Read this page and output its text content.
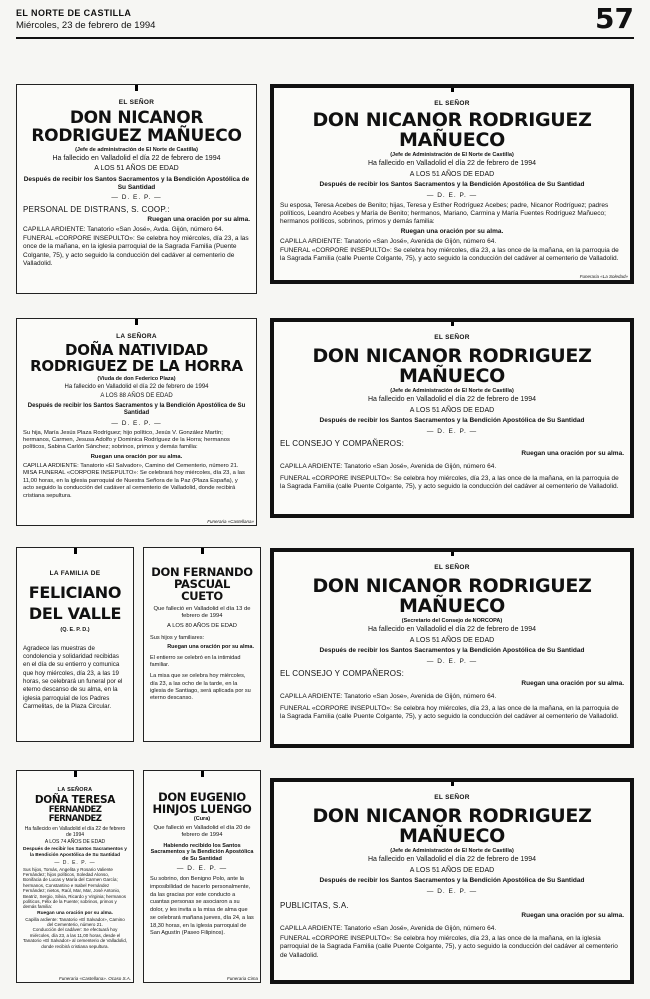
EL NORTE DE CASTILLA
Miércoles, 23 de febrero de 1994	57
EL SEÑOR
DON NICANOR
RODRIGUEZ MAÑUECO
(Jefe de administración de El Norte de Castilla)
Ha fallecido en Valladolid el día 22 de febrero de 1994
A LOS 51 AÑOS DE EDAD
Después de recibir los Santos Sacramentos y la Bendición Apostólica de Su Santidad
— D. E. P. —
PERSONAL DE DISTRANS, S. COOP.:
Ruegan una oración por su alma.
CAPILLA ARDIENTE: Tanatorio «San José», Avda. Gijón, número 64.
FUNERAL «CORPORE INSEPULTO»: Se celebra hoy miércoles, día 23, a las once de la mañana, en la iglesia parroquial de la Sagrada Familia (Puente Colgante, 75), y acto seguido la conducción del cadáver al cementerio de Valladolid.
EL SEÑOR
DON NICANOR RODRIGUEZ MAÑUECO
(Jefe de Administración de El Norte de Castilla)
Ha fallecido en Valladolid el día 22 de febrero de 1994
A LOS 51 AÑOS DE EDAD
Después de recibir los Santos Sacramentos y la Bendición Apostólica de Su Santidad
— D. E. P. —
Su esposa, Teresa Acebes de Benito; hijas, Teresa y Esther Rodríguez Acebes; padre, Nicanor Rodríguez; padres políticos, Leandro Acebes y María de Benito; hermanos, Mariano, Carmina y María Fuentes Rodríguez Mañueco; hermanos políticos, sobrinos, primos y demás familia:
Ruegan una oración por su alma.
CAPILLA ARDIENTE: Tanatorio «San José», Avenida de Gijón, número 64.
FUNERAL «CORPORE INSEPULTO»: Se celebra hoy miércoles, día 23, a las once de la mañana, en la parroquia de la Sagrada Familia (calle Puente Colgante, 75), y acto seguido la conducción del cadáver al cementerio de Valladolid.
Funeraria «La Soledad»
LA SEÑORA
DOÑA NATIVIDAD
RODRIGUEZ DE LA HORRA
(Viuda de don Federico Plaza)
Ha fallecido en Valladolid el día 22 de febrero de 1994
A LOS 88 AÑOS DE EDAD
Después de recibir los Santos Sacramentos y la Bendición Apostólica de Su Santidad
— D. E. P. —
Su hija, María Jesús Plaza Rodríguez; hijo político, Jesús V. González Martín; hermanos, Carmen, Jesusa Adolfo y Dominica Rodríguez de la Horra; hermanos políticos, Sabina Carlón Sánchez; sobrinos, primos y demás familia:
Ruegan una oración por su alma.
CAPILLA ARDIENTE: Tanatorio «El Salvador», Camino del Cementerio, número 21.
MISA FUNERAL «CORPORE INSEPULTO»: Se celebrará hoy miércoles, día 23, a las 11,00 horas, en la iglesia parroquial de Nuestra Señora de la Paz (Plaza España), y acto seguido la conducción del cadáver al cementerio de Valladolid, donde recibirá cristiana sepultura.
Funeraria «Castellana»
EL SEÑOR
DON NICANOR RODRIGUEZ MAÑUECO
(Jefe de Administración de El Norte de Castilla)
Ha fallecido en Valladolid el día 22 de febrero de 1994
A LOS 51 AÑOS DE EDAD
Después de recibir los Santos Sacramentos y la Bendición Apostólica de Su Santidad
— D. E. P. —
EL CONSEJO Y COMPAÑEROS:
Ruegan una oración por su alma.
CAPILLA ARDIENTE: Tanatorio «San José», Avenida de Gijón, número 64.
FUNERAL «CORPORE INSEPULTO»: Se celebra hoy miércoles, día 23, a las once de la mañana, en la parroquia de la Sagrada Familia (calle Puente Colgante, 75), y acto seguido la conducción del cadáver al cementerio de Valladolid.
LA FAMILIA DE
FELICIANO
DEL VALLE
(Q. E. P. D.)
Agradece las muestras de condolencia y solidaridad recibidas en el día de su entierro y comunica que hoy miércoles, día 23, a las 19 horas, se celebrará un funeral por el eterno descanso de su alma, en la iglesia parroquial de los Padres Carmelitas, de la Plaza Circular.
DON FERNANDO
PASCUAL
CUETO
Que falleció en Valladolid el día 13 de febrero de 1994
A LOS 80 AÑOS DE EDAD
Sus hijos y familiares:
Ruegan una oración por su alma.
El entierro se celebró en la intimidad familiar.
La misa que se celebra hoy miércoles, día 23, a las ocho de la tarde, en la iglesia de Santiago, será aplicada por su eterno descanso.
EL SEÑOR
DON NICANOR RODRIGUEZ MAÑUECO
(Secretario del Consejo de NORCOPA)
Ha fallecido en Valladolid el día 22 de febrero de 1994
A LOS 51 AÑOS DE EDAD
Después de recibir los Santos Sacramentos y la Bendición Apostólica de Su Santidad
— D. E. P. —
EL CONSEJO Y COMPAÑEROS:
Ruegan una oración por su alma.
CAPILLA ARDIENTE: Tanatorio «San Jose», Avenida de Gijón, número 64.
FUNERAL «CORPORE INSEPULTO»: Se celebra hoy miércoles, día 23, a las once de la mañana, en la parroquia de la Sagrada Familia (calle Puente Colgante, 75), y acto seguido la conducción del cadáver al cementerio de Valladolid.
LA SEÑORA
DOÑA TERESA
FERNANDEZ FERNANDEZ
Ha fallecido en Valladolid el día 22 de febrero de 1994
A LOS 74 AÑOS DE EDAD
Después de recibir los Santos Sacramentos y la Bendición Apostólica de Su Santidad
— D. E. P. —
Sus hijos, Tomás, Angelita y Rosario Valiente Fernández; hijos políticos, Soledad Alonso, Bonifacia de Lucas y María del Carmen García; hermanos, Constantino e Isabel Fernández Fernández; nietos, Raúl, Mar, Mar, José Antonio, Beatriz, Sergio, Silvia, Ricardo y Virginia; hermanos políticos, Félix de la Fuente; sobrinos, primos y demás familia:
Ruegan una oración por su alma.
Capilla ardiente: Tanatorio «El Salvador», Camino del Cementerio, número 21.
Conducción del cadáver: Se efectuará hoy miércoles, día 23, a las 11,00 horas, desde el Tanatorio «El Salvador» al cementerio de Valladolid, donde recibirá cristiana sepultura.
Funeraria «Castellana». Ocaso S.A.
DON EUGENIO
HINJOS LUENGO
(Cura)
Que falleció en Valladolid el día 20 de febrero de 1994
Habiendo recibido los Santos Sacramentos y la Bendición Apostólica de Su Santidad
— D. E. P. —
Su sobrino, don Benigno Polo, ante la imposibilidad de hacerlo personalmente, da las gracias por este conducto a cuantas personas se asociaron a su dolor, y les invita a la misa de alma que se celebrará mañana jueves, día 24, a las 18,30 horas, en la iglesia parroquial de San Agustín (Paseo Filipinos).
Funeraria Cima
EL SEÑOR
DON NICANOR RODRIGUEZ MAÑUECO
(Jefe de Administración de El Norte de Castilla)
Ha fallecido en Valladolid el día 22 de febrero de 1994
A LOS 51 AÑOS DE EDAD
Después de recibir los Santos Sacramentos y la Bendición Apostólica de Su Santidad
— D. E. P. —
PUBLICITAS, S.A.
Ruegan una oración por su alma.
CAPILLA ARDIENTE: Tanatorio «San José», Avenida de Gijón, número 64.
FUNERAL «CORPORE INSEPULTO»: Se celebra hoy miércoles, día 23, a las once de la mañana, en la iglesia parroquial de la Sagrada Familia (calle Puente Colgante, 75), y acto seguido la conducción del cadáver al cementerio de Valladolid.
